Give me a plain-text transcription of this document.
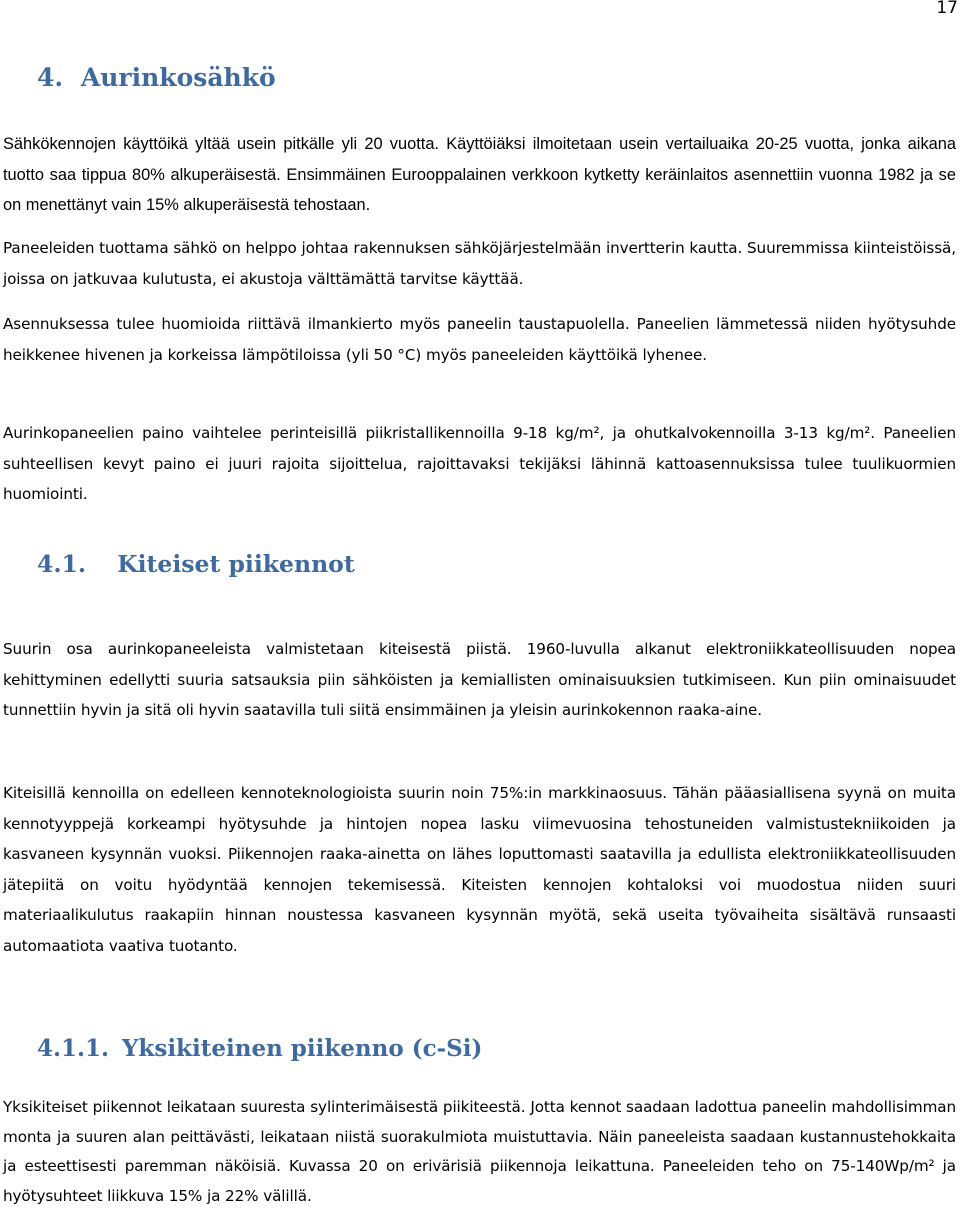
17
4. Aurinkosähkö

Sähkökennojen käyttöikä yltää usein pitkälle yli 20 vuotta. Käyttöiäksi ilmoitetaan usein vertailuaika 20-25 vuotta, jonka aikana tuotto saa tippua 80% alkuperäisestä. Ensimmäinen Eurooppalainen verkkoon kytketty keräinlaitos asennettiin vuonna 1982 ja se on menettänyt vain 15% alkuperäisestä tehostaan.

Paneeleiden tuottama sähkö on helppo johtaa rakennuksen sähköjärjestelmään invertterin kautta. Suuremmissa kiinteistöissä, joissa on jatkuvaa kulutusta, ei akustoja välttämättä tarvitse käyttää.

Asennuksessa tulee huomioida riittävä ilmankierto myös paneelin taustapuolella. Paneelien lämmetessä niiden hyötysuhde heikkenee hivenen ja korkeissa lämpötiloissa (yli 50 °C) myös paneeleiden käyttöikä lyhenee.

Aurinkopaneelien paino vaihtelee perinteisillä piikristallikennoilla 9-18 kg/m², ja ohutkalvokennoilla 3-13 kg/m². Paneelien suhteellisen kevyt paino ei juuri rajoita sijoittelua, rajoittavaksi tekijäksi lähinnä kattoasennuksissa tulee tuulikuormien huomiointi.

4.1. Kiteiset piikennot

Suurin osa aurinkopaneeleista valmistetaan kiteisestä piistä. 1960-luvulla alkanut elektroniikkateollisuuden nopea kehittyminen edellytti suuria satsauksia piin sähköisten ja kemiallisten ominaisuuksien tutkimiseen. Kun piin ominaisuudet tunnettiin hyvin ja sitä oli hyvin saatavilla tuli siitä ensimmäinen ja yleisin aurinkokennon raaka-aine.

Kiteisillä kennoilla on edelleen kennoteknologioista suurin noin 75%:in markkinaosuus. Tähän pääasiallisena syynä on muita kennotyyppejä korkeampi hyötysuhde ja hintojen nopea lasku viimevuosina tehostuneiden valmistustekniikoiden ja kasvaneen kysynnän vuoksi. Piikennojen raaka-ainetta on lähes loputtomasti saatavilla ja edullista elektroniikkateollisuuden jätepiitä on voitu hyödyntää kennojen tekemisessä. Kiteisten kennojen kohtaloksi voi muodostua niiden suuri materiaalikulutus raakapiin hinnan noustessa kasvaneen kysynnän myötä, sekä useita työvaiheita sisältävä runsaasti automaatiota vaativa tuotanto.

4.1.1. Yksikiteinen piikenno (c-Si)

Yksikiteiset piikennot leikataan suuresta sylinterimäisestä piikiteestä. Jotta kennot saadaan ladottua paneelin mahdollisimman monta ja suuren alan peittävästi, leikataan niistä suorakulmiota muistuttavia. Näin paneeleista saadaan kustannustehokkaita ja esteettisesti paremman näköisiä. Kuvassa 20 on erivärisiä piikennoja leikattuna. Paneeleiden teho on 75-140Wp/m² ja hyötysuhteet liikkuva 15% ja 22% välillä.
